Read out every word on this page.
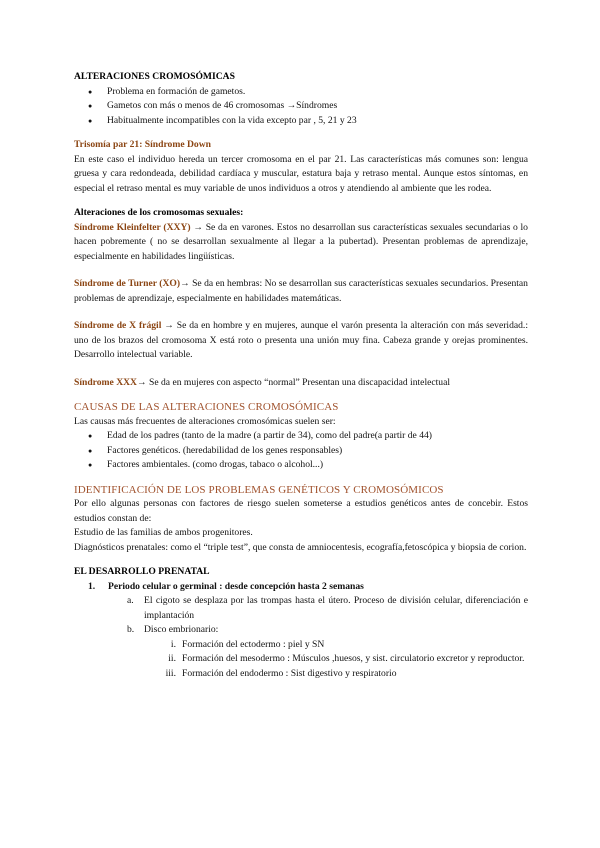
ALTERACIONES CROMOSÓMICAS
● Problema en formación de gametos.
● Gametos con más o menos de 46 cromosomas →Síndromes
● Habitualmente incompatibles con la vida excepto par , 5, 21 y 23
Trisomía par 21: Síndrome Down

En este caso el individuo hereda un tercer cromosoma en el par 21. Las características más comunes son: lengua gruesa y cara redondeada, debilidad cardíaca y muscular, estatura baja y retraso mental. Aunque estos síntomas, en especial el retraso mental es muy variable de unos individuos a otros y atendiendo al ambiente que les rodea.

Alteraciones de los cromosomas sexuales:

Síndrome Kleinfelter (XXY) → Se da en varones. Estos no desarrollan sus características sexuales secundarias o lo hacen pobremente ( no se desarrollan sexualmente al llegar a la pubertad). Presentan problemas de aprendizaje, especialmente en habilidades lingüísticas.

Síndrome de Turner (XO)→ Se da en hembras: No se desarrollan sus características sexuales secundarios. Presentan problemas de aprendizaje, especialmente en habilidades matemáticas.

Síndrome de X frágil → Se da en hombre y en mujeres, aunque el varón presenta la alteración con más severidad.: uno de los brazos del cromosoma X está roto o presenta una unión muy fina. Cabeza grande y orejas prominentes. Desarrollo intelectual variable.

Síndrome XXX→ Se da en mujeres con aspecto “normal” Presentan una discapacidad intelectual

CAUSAS DE LAS ALTERACIONES CROMOSÓMICAS

Las causas más frecuentes de alteraciones cromosómicas suelen ser:

● Edad de los padres (tanto de la madre (a partir de 34), como del padre(a partir de 44)
● Factores genéticos. (heredabilidad de los genes responsables)
● Factores ambientales. (como drogas, tabaco o alcohol...)
IDENTIFICACIÓN DE LOS PROBLEMAS GENÉTICOS Y CROMOSÓMICOS

Por ello algunas personas con factores de riesgo suelen someterse a estudios genéticos antes de concebir. Estos estudios constan de:

Estudio de las familias de ambos progenitores.

Diagnósticos prenatales: como el “triple test”, que consta de amniocentesis, ecografía,fetoscópica y biopsia de corion.

EL DESARROLLO PRENATAL
1. Periodo celular o germinal : desde concepción hasta 2 semanas
a. El cigoto se desplaza por las trompas hasta el útero. Proceso de división celular, diferenciación e implantación

b. Disco embrionario:
i. Formación del ectodermo : piel y SN
ii. Formación del mesodermo : Músculos ,huesos, y sist. circulatorio excretor y reproductor.
iii. Formación del endodermo : Sist digestivo y respiratorio
